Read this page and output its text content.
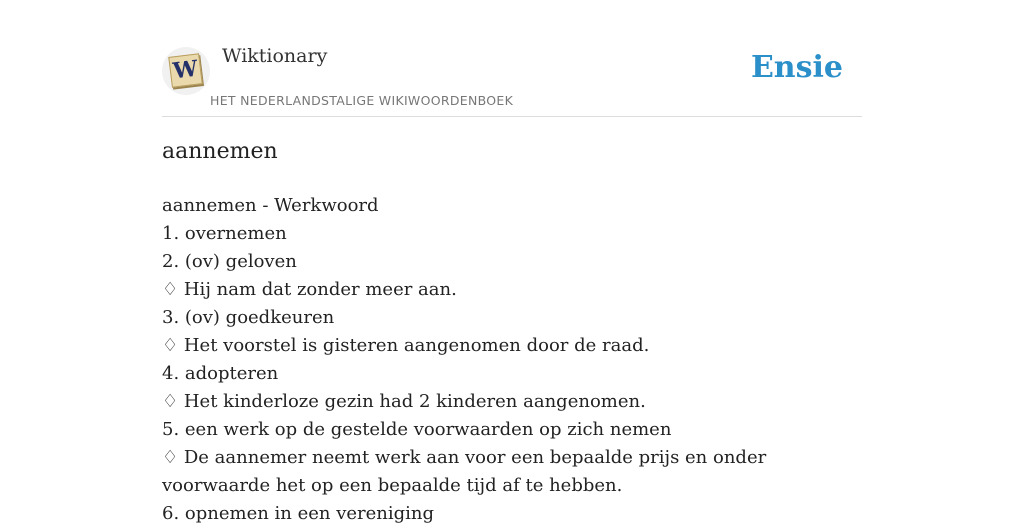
W Wiktionary
HET NEDERLANDSTALIGE WIKIWOORDENBOEK
Ensie
aannemen
aannemen - Werkwoord
1. overnemen
2. (ov) geloven
♢ Hij nam dat zonder meer aan.
3. (ov) goedkeuren
♢ Het voorstel is gisteren aangenomen door de raad.
4. adopteren
♢ Het kinderloze gezin had 2 kinderen aangenomen.
5. een werk op de gestelde voorwaarden op zich nemen
♢ De aannemer neemt werk aan voor een bepaalde prijs en onder voorwaarde het op een bepaalde tijd af te hebben.
6. opnemen in een vereniging
